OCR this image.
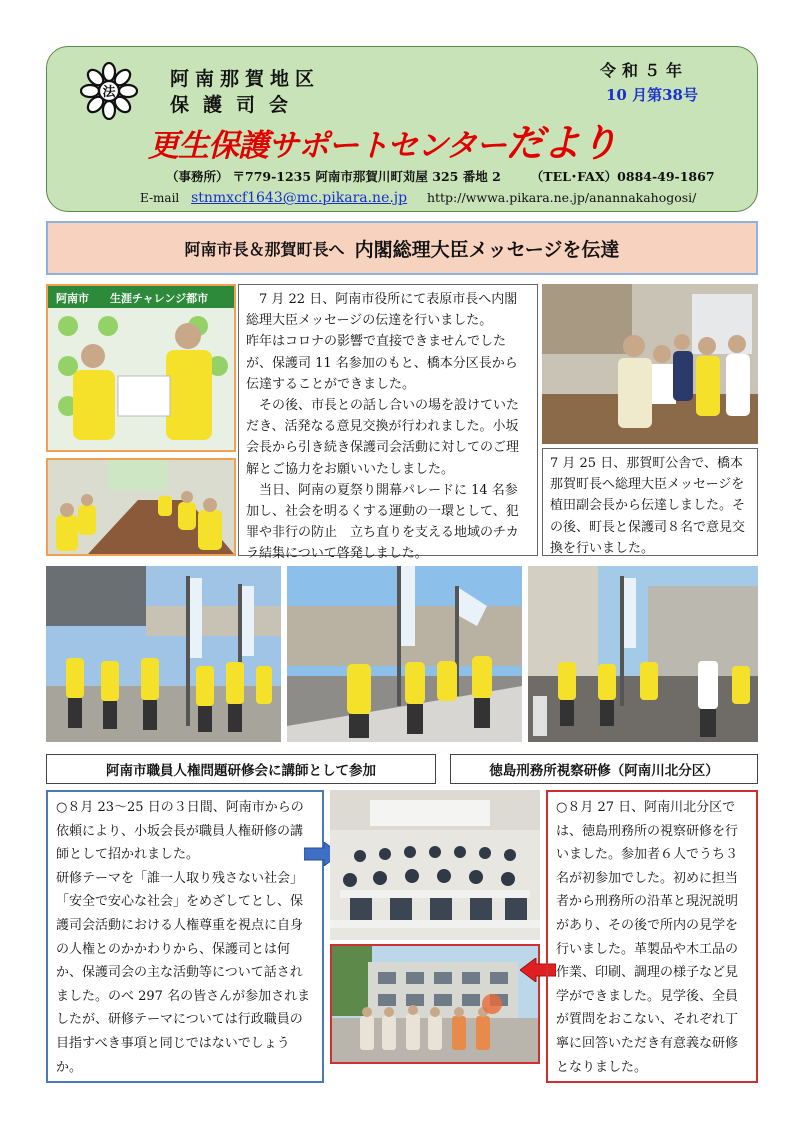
法
阿南那賀地区
保護司会
令和５年
10 月第38号
更生保護サポートセンターだより
（事務所） 〒779-1235 阿南市那賀川町苅屋 325 番地 2 （TEL･FAX）0884-49-1867
E-mail stnmxcf1643@mc.pikara.ne.jp http://wwwa.pikara.ne.jp/anannakahogosi/
阿南市長＆那賀町長へ 内閣総理大臣メッセージを伝達
阿南市 生涯チャレンジ都市	7 月 22 日、阿南市役所にて表原市長へ内閣総理大臣メッセージの伝達を行いました。

昨年はコロナの影響で直接できませんでしたが、保護司 11 名参加のもと、橋本分区長から伝達することができました。

その後、市長との話し合いの場を設けていただき、活発なる意見交換が行われました。小坂会長から引き続き保護司会活動に対してのご理解とご協力をお願いいたしました。

当日、阿南の夏祭り開幕パレードに 14 名参加し、社会を明るくする運動の一環として、犯罪や非行の防止　立ち直りを支える地域のチカラ結集について啓発しました。

7 月 25 日、那賀町公舎で、橋本那賀町長へ総理大臣メッセージを植田副会長から伝達しました。その後、町長と保護司８名で意見交換を行いました。

阿南市職員人権問題研修会に講師として参加	徳島刑務所視察研修（阿南川北分区）

○８月 23～25 日の３日間、阿南市からの依頼により、小坂会長が職員人権研修の講師として招かれました。

研修テーマを「誰一人取り残さない社会」「安全で安心な社会」をめざしてとし、保護司会活動における人権尊重を視点に自身の人権とのかかわりから、保護司とは何か、保護司会の主な活動等について話されました。のべ 297 名の皆さんが参加されましたが、研修テーマについては行政職員の目指すべき事項と同じではないでしょうか。

○８月 27 日、阿南川北分区では、徳島刑務所の視察研修を行いました。参加者６人でうち３名が初参加でした。初めに担当者から刑務所の沿革と現況説明があり、その後で所内の見学を行いました。革製品や木工品の作業、印刷、調理の様子など見学ができました。見学後、全員が質問をおこない、それぞれ丁寧に回答いただき有意義な研修となりました。
